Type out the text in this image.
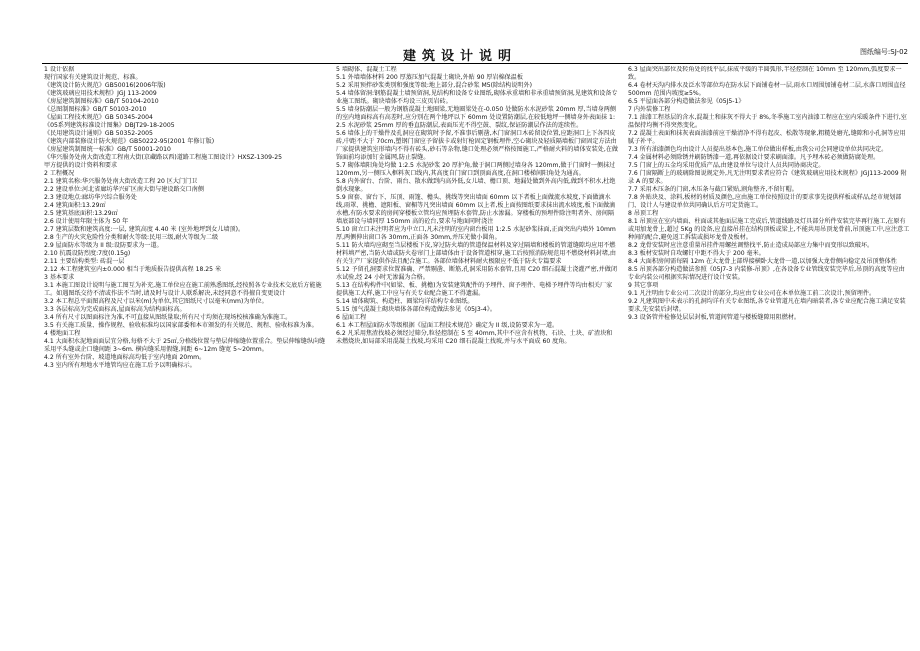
建筑设计说明	图纸编号:SJ-02

1 设计依据

现行国家有关建筑设计规范、标准。

《建筑设计防火规范》GB50016(2006年版)

《建筑玻璃应用技术规程》JGJ 113-2009

《房屋建筑制图标准》GB/T 50104-2010

《总图制图标准》GB/T 50103-2010

《屋面工程技术规范》GB 50345-2004

《05系列建筑标准设计图集》DBJT29-18-2005

《民用建筑设计通则》GB 50352-2005

《建筑内部装修设计防火规范》GB50222-95(2001 年修订版)

《房屋建筑制图统一标准》GB/T 50001-2010

《华兴服务处南大街改造工程南大街(京藏路以西)道路工程施工图设计》HXSZ-1309-25

甲方提供的设计资料和要求

2 工程概况

2.1 建筑名称:华兴服务处南大街改造工程 20 区大门门卫

2.2 建设单位:河北省廊坊华兴矿区南大街与建设路交口南侧

2.3 建设地点:廊坊华兴综合服务处

2.4 建筑面积:13.29㎡

2.5 建筑基底面积:13.29㎡

2.6 设计使用年限主体为 50 年

2.7 建筑层数和建筑高度:一层, 建筑高度 4.40 米 (室外地坪到女儿墙顶)。

2.8 生产的火灾危险性分类和耐火等级:民用三级,耐火等级为二级

2.9 屋面防水等级为 II 级:设防要求为一道。

2.10 抗震设防烈度:7度(0.15g)

2.11 主要结构类型: 砖混一层

2.12 本工程建筑室内±0.000 相当于地质报告提供高程 18.25 米

3 基本要求

3.1 本施工图设计说明与施工图互为补充,施工单位应在施工前熟悉图纸,经按照各专业技术交底后方能施工。如遇图纸交待不清或作法不当时,请及时与设计人联系解决,未经同意不得擅自变更设计

3.2 本工程总平面图高程及尺寸以米(m)为单位,其它图纸尺寸以毫米(mm)为单位。

3.3 各层标高为完成面标高,屋面标高为结构面标高。

3.4 所有尺寸以图面标注为准,不可直接从图纸量取;所有尺寸均须在现场校核准确为准施工。

3.5 有关施工质量、操作规程、验收标准均以国家部委和本市颁发的有关规范、规程、验收标准为准。

4 楼地面工程

4.1 大面积水泥地面面层宜分格,每格不大于 25㎡,分格线位置与垫层伸缩缝位置重合。垫层伸缩缝纵向缝采用平头缝或企口缝间距 3~6m. 横向缝采用假缝,间距 6~12m 缝宽 5~20mm。

4.2 所有室外台阶、坡道地面标高均低于室内地面 20mm。

4.3 室内所有埋地水平地管均应在施工后予以明确标示。

5 墙砌体、混凝土工程

5.1 外墙墙体材料 200 厚蒸压加气混凝土砌块,外贴 90 厚岩棉保温板

5.2 采用预拌砂浆类别和强度等级:地上部分,混合砂浆 M5(除结构说明外)

5.4 墙体留洞:钢筋混凝土墙预留洞,见结构和设备专业图纸,砌体承重墙和非承重墙预留洞,见建筑和设备专业施工图纸。砌块墙体不均设三皮页岩砖。

5.5 墙身防潮层一般为钢筋混凝土地圈梁,无地圈梁处在-0.050 处做防水水泥砂浆 20mm 厚,当墙身两侧的室内地面标高有高差时,应分别在两个地坪以下 60mm 处设置防潮层,在较低地坪一侧墙身外表面抹 1:2.5 水泥砂浆 25mm 厚的垂直防潮层,表面压光不得空鼓、裂纹,保证防潮层作法的连续性。

5.6 墙体上的干燥件及孔洞应在砌筑时予留,不准事后剔凿,木门窗洞口木砖留设位置,应距洞口上下各四皮砖,中距不大于 70cm,塑钢门窗应予留拔卡或射钉枪固定钢板埋件,空心砌块及轻质隔墙板门窗固定方法由厂家提供建筑室形墙内不得有砖头,砂石等杂物,缝口处理必须严格按图施工,严格耐火料的墙体安装处,在做饰面前均添加钉金属网,防止裂缝。

5.7 砌体墙阳角处均做 1:2.5 水泥砂浆 20 厚护角,做于洞口两侧过墙身各 120mm,做于门窗时一侧抹过 120mm,另一侧压入框料灰口线内,其高度自门窗口到顶面高度,在洞口楼梯间阳角处为通高。

5.8 内外窗台、台阶、雨台、散水做到内高外低,女儿墙、檐口顶、地漏处做到外高内低,做到不积水,杜绝倒水现象。

5.9 窗套、窗台下、压顶、雨篷、檐头、挑线等突出墙面 60mm 以下者板上面做流水坡度,下面做滴水线,雨罩、挑檐、遮阳板、窗楣等凡突出墙面 60mm 以上者,板上面按图纸要求抹出流水坡度,板下面做滴水槽,有防水要求的房间穿楼板立管均应预埋防水套管,防止水渗漏。穿楼板的预埋件除注明者外、房间隔墙底部设与墙同厚 150mm 高的砼台,要求与地面同时浇注

5.10 窗立口未注明者应为中立口,凡未注明的室内窗台板用 1:2.5 水泥砂浆抹面,正面突出内墙外 10mm 厚,两侧伸出窗口各 30mm,正面各 30mm,并压光做小圆角。

5.11 防火墙均应砌至当层楼板下皮,穿过防火墙的管道保温材料及穿过隔墙和楼板的管道缝隙均应用不燃材料填严密,当防火墙或防火卷帘门上部墙体由于设备管道相穿,施工后按照消防规范用不燃烧材料封堵,由有关生产厂家提供作法且配合施工。各部位墙体材料耐火极限应不低于防火专篇要求

5.12 予留孔洞要求位置准确、严禁剔凿、断筋,孔洞采用防水套管,且用 C20 细石混凝土浇灌严密,并做闭水试验,经 24 小时无渗漏为合格。

5.13 在结构构件中(如梁、板、挑檐)为安装建筑配件的予埋件、窗予埋件、电梯予埋件等均由相关厂家提供施工大样,施工中应与有关专业配合施工不得遗漏。

5.14 墙体砌筑、构造柱、圈梁均详结构专业图纸。

5.15 加气混凝土砌块墙体各部位构造做法参见《05J3-4》。

6 屋面工程

6.1 本工程屋面防水等级根据《屋面工程技术规范》确定为 II 级,设防要求为一道。

6.2 凡采用焦渣找坡必须经过筛分,粒径控制在 5 至 40mm,其中不应含有机物、石块、土块、矿渣块和未燃烧块,如局部采用混凝土找坡,均采用 C20 细石混凝土找坡,并与水平面成 60 度角。

6.3 屋面突出部位及转角处的找平层,抹成平缓的半圆弧形,半径控制在 10mm 至 120mm,弧度要求一致。

6.4 卷材天沟内排水及泛水等部位均在防水层下面铺卷材一层,雨水口周围加铺卷材二层,水落口周围直径 500mm 范围内坡度≥5%。

6.5 平屋面各部分构造做法参见《05J5-1》

7 内外装修工程

7.1 油漆工程基层的含水,混凝土和抹灰不得大于 8%,冬季施工室内油漆工程应在室内采暖条件下进行,室温保持均衡不得突然变化。

7.2 混凝土表面和抹灰表面油漆前应干燥清净不得有起皮、松散等现象,粗糙处磨光,缝隙和小孔洞等应用腻子补平。

7.3 所有油漆颜色均由设计人员提出基本色,施工单位做出样板,由我公司会同建设单位共同决定。

7.4 金属材料必须除锈并刷防锈漆一道,再依据设计要求刷面漆。凡予埋木砖必须做防腐处理。

7.5 门窗上的五金均采用优质产品,由建设单位与设计人员共同协商决定。

7.6 门窗隔断上的玻璃除图说规定外,凡无注明要求者应符合《建筑玻璃应用技术规程》JGJ113-2009 附录 A 的要求。

7.7 采用木压条的门窗,木压条与截口紧贴,割角整齐,不留钉帽。

7.8 外贴块及、涂料,板材的材质及颜色,应由施工单位按照设计的要求事先提供样板或样品,经市规划部门、设计人与建设单位共同确认后方可定货施工。

8 吊顶工程

8.1 吊顶应在室内墙面、柱面或其他面层施工完成后,管道线路及灯具部分所件安装完毕再行施工,在原有或用加龙骨上,超过 5Kg 的设备,应直接吊挂在结构顶板或梁上,不能共用吊顶龙骨前,吊顶施工中,应注意工种间的配合,避免返工拆装或损坏龙骨及板材。

8.2 龙骨安装时应注意重量吊挂件用螺丝调整找平,防止造成局部应力集中而变形以致破坏。

8.3 板材安装时自攻螺钉中距不得大于 200 毫米。

8.4 大面积房间需每隔 12m 在大龙骨上部焊接横卧大龙骨一道,以加强大龙骨侧向稳定及吊顶整体性

8.5 吊顶各部分构造做法参照《05J7-3 内装修-吊顶》,在各设备专业管线安装完毕后,吊顶的高度等应由专业内装公司根据实际情况进行设计安装。

9 其它事项

9.1 凡注明由专业公司二次设计的部分,均应由专业公司在本单位施工前二次设计,预留埋件。

9.2 凡建筑图中未表示的孔洞均详有关专业图纸,各专业管道凡在墙内暗装者,各专业应配合施工满足安装要求,先安装后封堵。

9.3 设备管井检修处层层封板,管道间管道与楼板缝隙用阻燃材。
